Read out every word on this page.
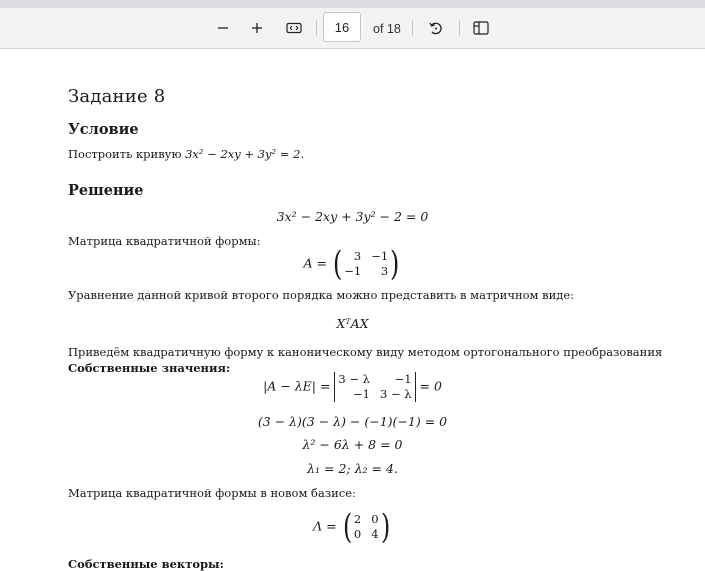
16
of 18
Задание 8
Условие
Построить кривую 3x² − 2xy + 3y² = 2.
Решение
3x² − 2xy + 3y² − 2 = 0
Матрица квадратичной формы:
A = (	3 −1
−1	3 )
Уравнение данной кривой второго порядка можно представить в матричном виде:
XᵀAX
Приведём квадратичную форму к каноническому виду методом ортогонального преобразования
Собственные значения:
|A − λE| = 3 − λ	−1
−1 3 − λ
= 0
(3 − λ)(3 − λ) − (−1)(−1) = 0
λ² − 6λ + 8 = 0
λ₁ = 2; λ₂ = 4.
Матрица квадратичной формы в новом базисе:
Λ = ( 2 0
0 4 )
Собственные векторы:
